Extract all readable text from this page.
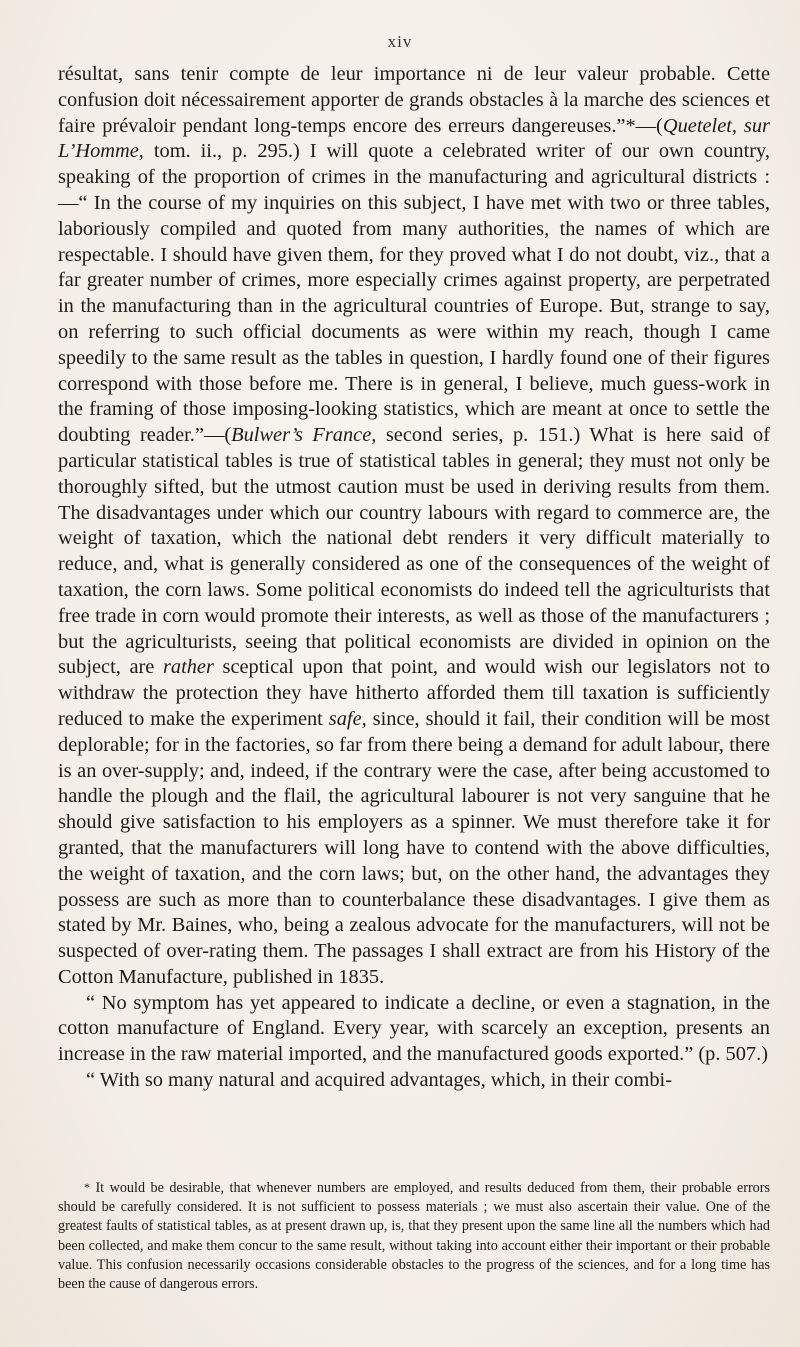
xiv

résultat, sans tenir compte de leur importance ni de leur valeur probable. Cette confusion doit nécessairement apporter de grands obstacles à la marche des sciences et faire prévaloir pendant long-temps encore des erreurs dangereuses.”*—(Quetelet, sur L’Homme, tom. ii., p. 295.) I will quote a celebrated writer of our own country, speaking of the proportion of crimes in the manufacturing and agricultural districts :—“ In the course of my inquiries on this subject, I have met with two or three tables, laboriously compiled and quoted from many authorities, the names of which are respectable. I should have given them, for they proved what I do not doubt, viz., that a far greater number of crimes, more especially crimes against property, are perpetrated in the manufacturing than in the agricultural countries of Europe. But, strange to say, on referring to such official documents as were within my reach, though I came speedily to the same result as the tables in question, I hardly found one of their figures correspond with those before me. There is in general, I believe, much guess-work in the framing of those imposing-looking statistics, which are meant at once to settle the doubting reader.”—(Bulwer’s France, second series, p. 151.) What is here said of particular statistical tables is true of statistical tables in general; they must not only be thoroughly sifted, but the utmost caution must be used in deriving results from them. The disadvantages under which our country labours with regard to commerce are, the weight of taxation, which the national debt renders it very difficult materially to reduce, and, what is generally considered as one of the consequences of the weight of taxation, the corn laws. Some political economists do indeed tell the agriculturists that free trade in corn would promote their interests, as well as those of the manufacturers ; but the agriculturists, seeing that political economists are divided in opinion on the subject, are rather sceptical upon that point, and would wish our legislators not to withdraw the protection they have hitherto afforded them till taxation is sufficiently reduced to make the experiment safe, since, should it fail, their condition will be most deplorable; for in the factories, so far from there being a demand for adult labour, there is an over-supply; and, indeed, if the contrary were the case, after being accustomed to handle the plough and the flail, the agricultural labourer is not very sanguine that he should give satisfaction to his employers as a spinner. We must therefore take it for granted, that the manufacturers will long have to contend with the above difficulties, the weight of taxation, and the corn laws; but, on the other hand, the advantages they possess are such as more than to counterbalance these disadvantages. I give them as stated by Mr. Baines, who, being a zealous advocate for the manufacturers, will not be suspected of over-rating them. The passages I shall extract are from his History of the Cotton Manufacture, published in 1835.

“ No symptom has yet appeared to indicate a decline, or even a stagnation, in the cotton manufacture of England. Every year, with scarcely an exception, presents an increase in the raw material imported, and the manufactured goods exported.” (p. 507.)

“ With so many natural and acquired advantages, which, in their combi-

* It would be desirable, that whenever numbers are employed, and results deduced from them, their probable errors should be carefully considered. It is not sufficient to possess materials ; we must also ascertain their value. One of the greatest faults of statistical tables, as at present drawn up, is, that they present upon the same line all the numbers which had been collected, and make them concur to the same result, without taking into account either their important or their probable value. This confusion necessarily occasions considerable obstacles to the progress of the sciences, and for a long time has been the cause of dangerous errors.
